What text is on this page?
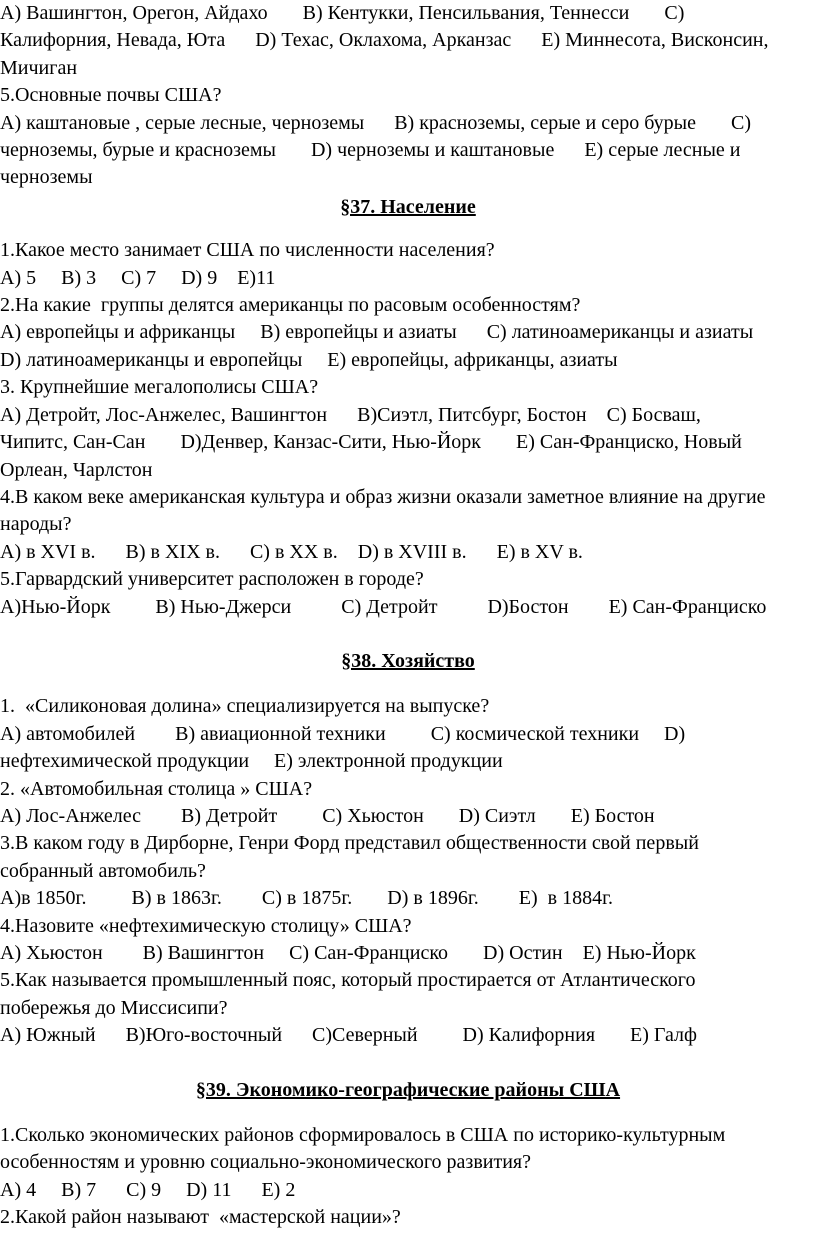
A) Вашингтон, Орегон, Айдахо       B) Кентукки, Пенсильвания, Теннесси       C)

Калифорния, Невада, Юта      D) Техас, Оклахома, Арканзас      E) Миннесота, Висконсин,

Мичиган

5.Основные почвы США?

A) каштановые , серые лесные, черноземы      B) красноземы, серые и серо бурые       C)

черноземы, бурые и красноземы       D) черноземы и каштановые      E) серые лесные и

черноземы

§37. Население

1.Какое место занимает США по численности населения?

A) 5     B) 3     C) 7     D) 9    E)11

2.На какие  группы делятся американцы по расовым особенностям?

A) европейцы и африканцы     B) европейцы и азиаты      C) латиноамериканцы и азиаты

D) латиноамериканцы и европейцы     E) европейцы, африканцы, азиаты

3. Крупнейшие мегалополисы США?

A) Детройт, Лос-Анжелес, Вашингтон      B)Сиэтл, Питсбург, Бостон    C) Босваш,

Чипитс, Сан-Сан       D)Денвер, Канзас-Сити, Нью-Йорк       E) Сан-Франциско, Новый

Орлеан, Чарлстон

4.В каком веке американская культура и образ жизни оказали заметное влияние на другие

народы?

A) в XVI в.      B) в XIX в.      C) в XX в.    D) в XVIII в.      E) в XV в.

5.Гарвардский университет расположен в городе?

A)Нью-Йорк         B) Нью-Джерси          C) Детройт          D)Бостон        E) Сан-Франциско

§38. Хозяйство

1.  «Силиконовая долина» специализируется на выпуске?

A) автомобилей        B) авиационной техники         C) космической техники     D)

нефтехимической продукции     E) электронной продукции

2. «Автомобильная столица » США?

A) Лос-Анжелес        B) Детройт         C) Хьюстон       D) Сиэтл       E) Бостон

3.В каком году в Дирборне, Генри Форд представил общественности свой первый

собранный автомобиль?

A)в 1850г.         B) в 1863г.        C) в 1875г.       D) в 1896г.        E)  в 1884г.

4.Назовите «нефтехимическую столицу» США?

A) Хьюстон        B) Вашингтон     C) Сан-Франциско       D) Остин    E) Нью-Йорк

5.Как называется промышленный пояс, который простирается от Атлантического

побережья до Миссисипи?

A) Южный      B)Юго-восточный      C)Северный         D) Калифорния       E) Галф

§39. Экономико-географические районы США

1.Сколько экономических районов сформировалось в США по историко-культурным

особенностям и уровню социально-экономического развития?

A) 4     B) 7      C) 9     D) 11      E) 2

2.Какой район называют  «мастерской нации»?
